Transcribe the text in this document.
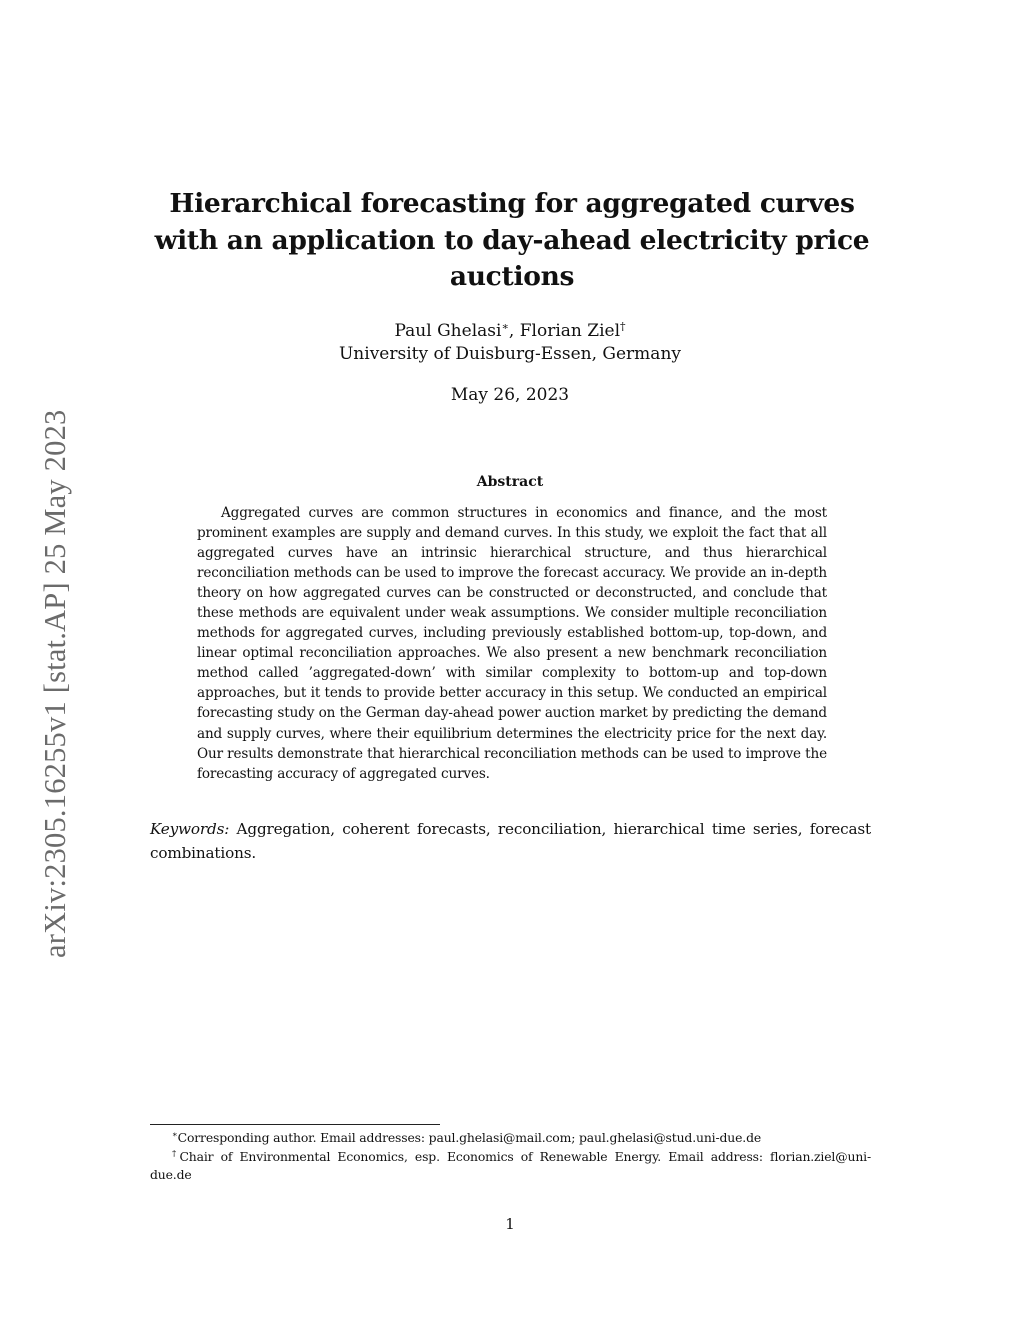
arXiv:2305.16255v1 [stat.AP] 25 May 2023
Hierarchical forecasting for aggregated curves with an application to day-ahead electricity price auctions
Paul Ghelasi∗, Florian Ziel†
University of Duisburg-Essen, Germany
May 26, 2023
Abstract

Aggregated curves are common structures in economics and finance, and the most prominent examples are supply and demand curves. In this study, we exploit the fact that all aggregated curves have an intrinsic hierarchical structure, and thus hierarchical reconciliation methods can be used to improve the forecast accuracy. We provide an in-depth theory on how aggregated curves can be constructed or deconstructed, and conclude that these methods are equivalent under weak assumptions. We consider multiple reconciliation methods for aggregated curves, including previously established bottom-up, top-down, and linear optimal reconciliation approaches. We also present a new benchmark reconciliation method called ’aggregated-down’ with similar complexity to bottom-up and top-down approaches, but it tends to provide better accuracy in this setup. We conducted an empirical forecasting study on the German day-ahead power auction market by predicting the demand and supply curves, where their equilibrium determines the electricity price for the next day. Our results demonstrate that hierarchical reconciliation methods can be used to improve the forecasting accuracy of aggregated curves.

Keywords: Aggregation, coherent forecasts, reconciliation, hierarchical time series, forecast combinations.

∗Corresponding author. Email addresses: paul.ghelasi@mail.com; paul.ghelasi@stud.uni-due.de
†Chair of Environmental Economics, esp. Economics of Renewable Energy. Email address: florian.ziel@uni-due.de
1
